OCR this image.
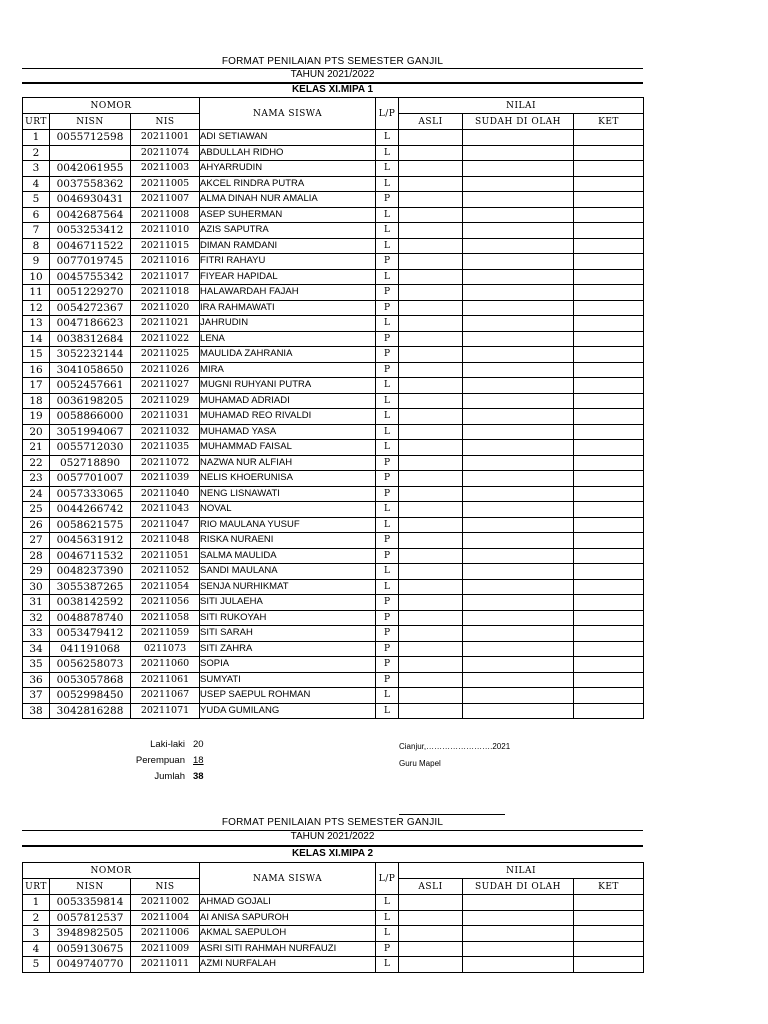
FORMAT PENILAIAN PTS SEMESTER GANJIL
TAHUN 2021/2022
KELAS XI.MIPA 1
NOMOR			NAMA SISWA	L/P	NILAI		
URT	NISN	NIS			ASLI	SUDAH DI OLAH	KET
1	0055712598	20211001	ADI SETIAWAN	L			
2		20211074	ABDULLAH RIDHO	L			
3	0042061955	20211003	AHYARRUDIN	L			
4	0037558362	20211005	AKCEL RINDRA PUTRA	L			
5	0046930431	20211007	ALMA DINAH NUR AMALIA	P			
6	0042687564	20211008	ASEP SUHERMAN	L			
7	0053253412	20211010	AZIS SAPUTRA	L			
8	0046711522	20211015	DIMAN RAMDANI	L			
9	0077019745	20211016	FITRI RAHAYU	P			
10	0045755342	20211017	FIYEAR HAPIDAL	L			
11	0051229270	20211018	HALAWARDAH FAJAH	P			
12	0054272367	20211020	IRA RAHMAWATI	P			
13	0047186623	20211021	JAHRUDIN	L			
14	0038312684	20211022	LENA	P			
15	3052232144	20211025	MAULIDA ZAHRANIA	P			
16	3041058650	20211026	MIRA	P			
17	0052457661	20211027	MUGNI RUHYANI PUTRA	L			
18	0036198205	20211029	MUHAMAD ADRIADI	L			
19	0058866000	20211031	MUHAMAD REO RIVALDI	L			
20	3051994067	20211032	MUHAMAD YASA	L			
21	0055712030	20211035	MUHAMMAD FAISAL	L			
22	052718890	20211072	NAZWA NUR ALFIAH	P			
23	0057701007	20211039	NELIS KHOERUNISA	P			
24	0057333065	20211040	NENG LISNAWATI	P			
25	0044266742	20211043	NOVAL	L			
26	0058621575	20211047	RIO MAULANA YUSUF	L			
27	0045631912	20211048	RISKA NURAENI	P			
28	0046711532	20211051	SALMA MAULIDA	P			
29	0048237390	20211052	SANDI MAULANA	L			
30	3055387265	20211054	SENJA NURHIKMAT	L			
31	0038142592	20211056	SITI JULAEHA	P			
32	0048878740	20211058	SITI RUKOYAH	P			
33	0053479412	20211059	SITI SARAH	P			
34	041191068	0211073	SITI ZAHRA	P			
35	0056258073	20211060	SOPIA	P			
36	0053057868	20211061	SUMYATI	P			
37	0052998450	20211067	USEP SAEPUL ROHMAN	L			
38	3042816288	20211071	YUDA GUMILANG	L			
Laki-laki 20
Perempuan 18
Jumlah 38
Cianjur,…………………….2021
Guru Mapel
FORMAT PENILAIAN PTS SEMESTER GANJIL
TAHUN 2021/2022
KELAS XI.MIPA 2
NOMOR			NAMA SISWA	L/P	NILAI		
URT	NISN	NIS			ASLI	SUDAH DI OLAH	KET
1	0053359814	20211002	AHMAD GOJALI	L			
2	0057812537	20211004	AI ANISA SAPUROH	L			
3	3948982505	20211006	AKMAL SAEPULOH	L			
4	0059130675	20211009	ASRI SITI RAHMAH NURFAUZI	P			
5	0049740770	20211011	AZMI NURFALAH	L			
